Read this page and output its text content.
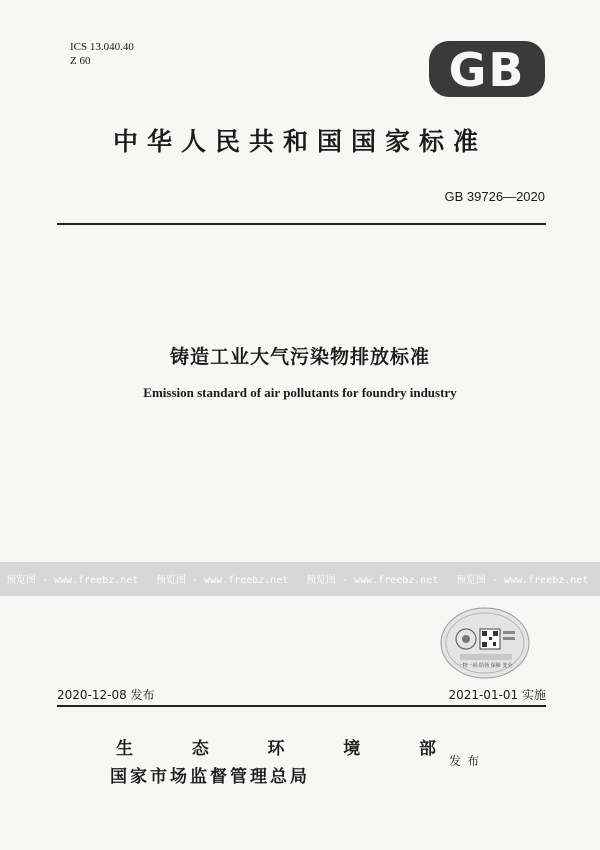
ICS 13.040.40
Z 60	GB
中华人民共和国国家标准
GB 39726—2020
铸造工业大气污染物排放标准
Emission standard of air pollutants for foundry industry
预览图 - www.freebz.net 预览图 - www.freebz.net 预览图 - www.freebz.net 预览图 - www.freebz.net
一物一码 防伪 保障 安全
2020-12-08 发布	2021-01-01 实施
生	态	环	境	部
国家市场监督管理总局
发布
